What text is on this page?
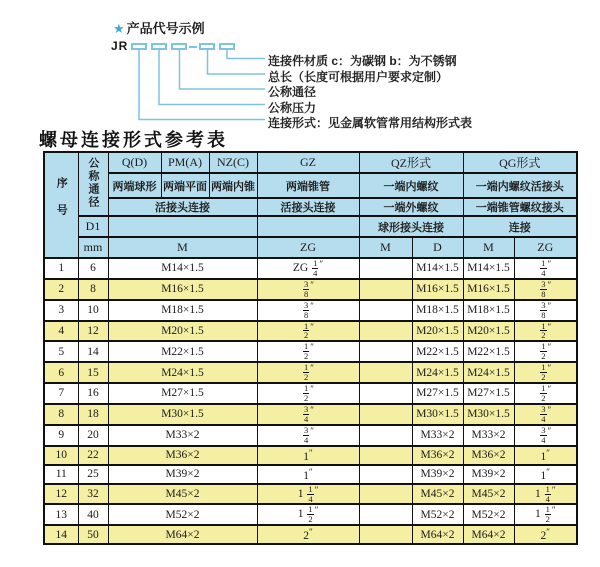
★ 产品代号示例
JR
连接件材质 c：为碳钢 b：为不锈钢
总长（长度可根据用户要求定制）
公称通径
公称压力
连接形式：见金属软管常用结构形式表
螺母连接形式参考表
序号	公称通径	Q(D)	PM(A)	NZ(C)	GZ	QZ形式		QG形式	
		两端球形	两端平面	两端内锥	两端锥管	一端内螺纹		一端内螺纹活接头	
		活接头连接			活接头连接	一端外螺纹		一端锥管螺纹接头	
	D1					球形接头连接		连接	
	mm	M			ZG	M	D	M	ZG
1	6	M14×1.5			ZG $\frac{1}{4} ''$		M14×1.5	M14×1.5	$\frac{1}{4} ''$
2	8	M16×1.5			$\frac{3}{8} ''$		M16×1.5	M16×1.5	$\frac{3}{8} ''$
3	10	M18×1.5			$\frac{3}{8} ''$		M18×1.5	M18×1.5	$\frac{3}{8} ''$
4	12	M20×1.5			$\frac{1}{2} ''$		M20×1.5	M20×1.5	$\frac{1}{2} ''$
5	14	M22×1.5			$\frac{1}{2} ''$		M22×1.5	M22×1.5	$\frac{1}{2} ''$
6	15	M24×1.5			$\frac{1}{2} ''$		M24×1.5	M24×1.5	$\frac{1}{2} ''$
7	16	M27×1.5			$\frac{1}{2} ''$		M27×1.5	M27×1.5	$\frac{1}{2} ''$
8	18	M30×1.5			$\frac{3}{4} ''$		M30×1.5	M30×1.5	$\frac{3}{4} ''$
9	20	M33×2			$\frac{3}{4} ''$		M33×2	M33×2	$\frac{3}{4} ''$
10	22	M36×2			1″		M36×2	M36×2	1″
11	25	M39×2			1″		M39×2	M39×2	1″
12	32	M45×2			$1 \frac{1}{4} ''$		M45×2	M45×2	$1 \frac{1}{4} ''$
13	40	M52×2			$1 \frac{1}{2} ''$		M52×2	M52×2	$1 \frac{1}{2} ''$
14	50	M64×2			2″		M64×2	M64×2	2″
